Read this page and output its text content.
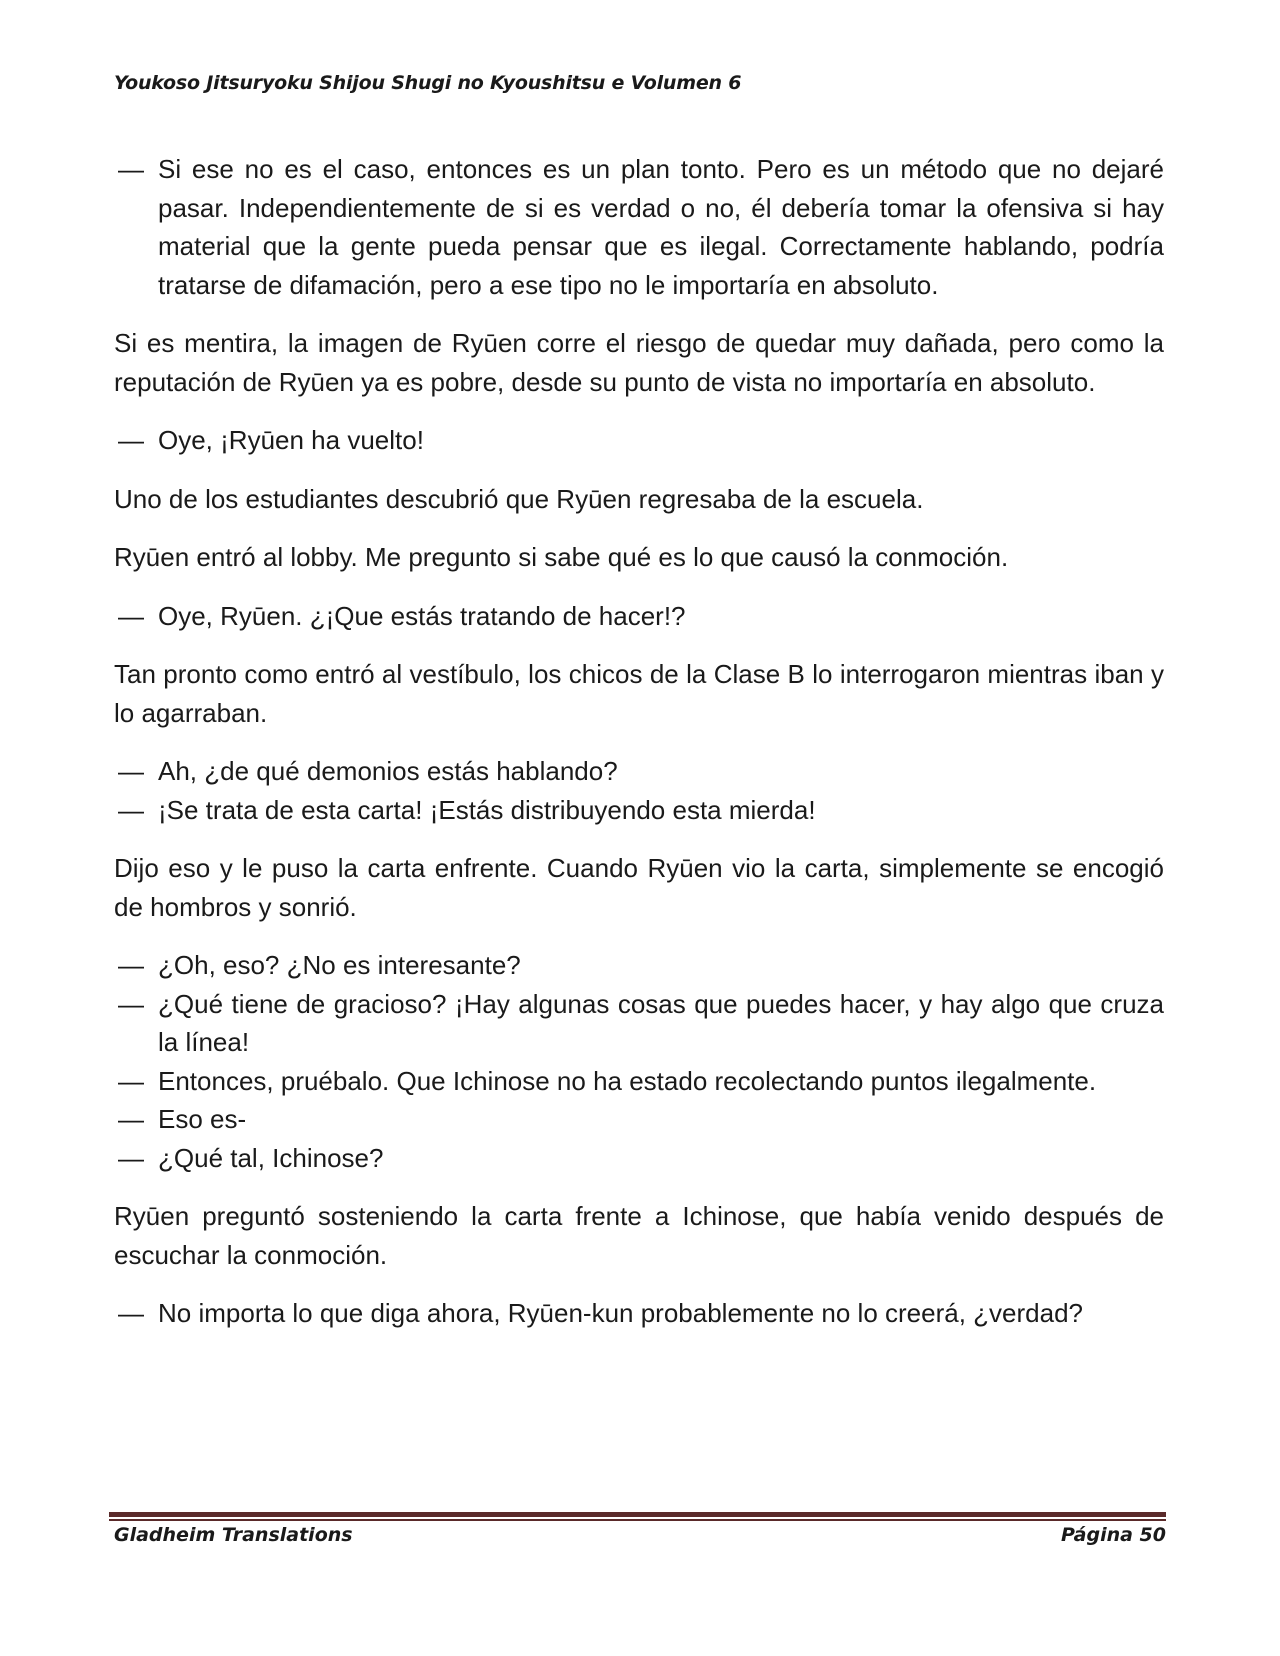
Youkoso Jitsuryoku Shijou Shugi no Kyoushitsu e Volumen 6

— Si ese no es el caso, entonces es un plan tonto. Pero es un método que no dejaré pasar. Independientemente de si es verdad o no, él debería tomar la ofensiva si hay material que la gente pueda pensar que es ilegal. Correctamente hablando, podría tratarse de difamación, pero a ese tipo no le importaría en absoluto.

Si es mentira, la imagen de Ryūen corre el riesgo de quedar muy dañada, pero como la reputación de Ryūen ya es pobre, desde su punto de vista no importaría en absoluto.

— Oye, ¡Ryūen ha vuelto!

Uno de los estudiantes descubrió que Ryūen regresaba de la escuela.

Ryūen entró al lobby. Me pregunto si sabe qué es lo que causó la conmoción.

— Oye, Ryūen. ¿¡Que estás tratando de hacer!?

Tan pronto como entró al vestíbulo, los chicos de la Clase B lo interrogaron mientras iban y lo agarraban.

— Ah, ¿de qué demonios estás hablando?

— ¡Se trata de esta carta! ¡Estás distribuyendo esta mierda!

Dijo eso y le puso la carta enfrente. Cuando Ryūen vio la carta, simplemente se encogió de hombros y sonrió.

— ¿Oh, eso? ¿No es interesante?

— ¿Qué tiene de gracioso? ¡Hay algunas cosas que puedes hacer, y hay algo que cruza la línea!

— Entonces, pruébalo. Que Ichinose no ha estado recolectando puntos ilegalmente.

— Eso es-

— ¿Qué tal, Ichinose?

Ryūen preguntó sosteniendo la carta frente a Ichinose, que había venido después de escuchar la conmoción.

— No importa lo que diga ahora, Ryūen-kun probablemente no lo creerá, ¿verdad?

Gladheim Translations	Página 50
